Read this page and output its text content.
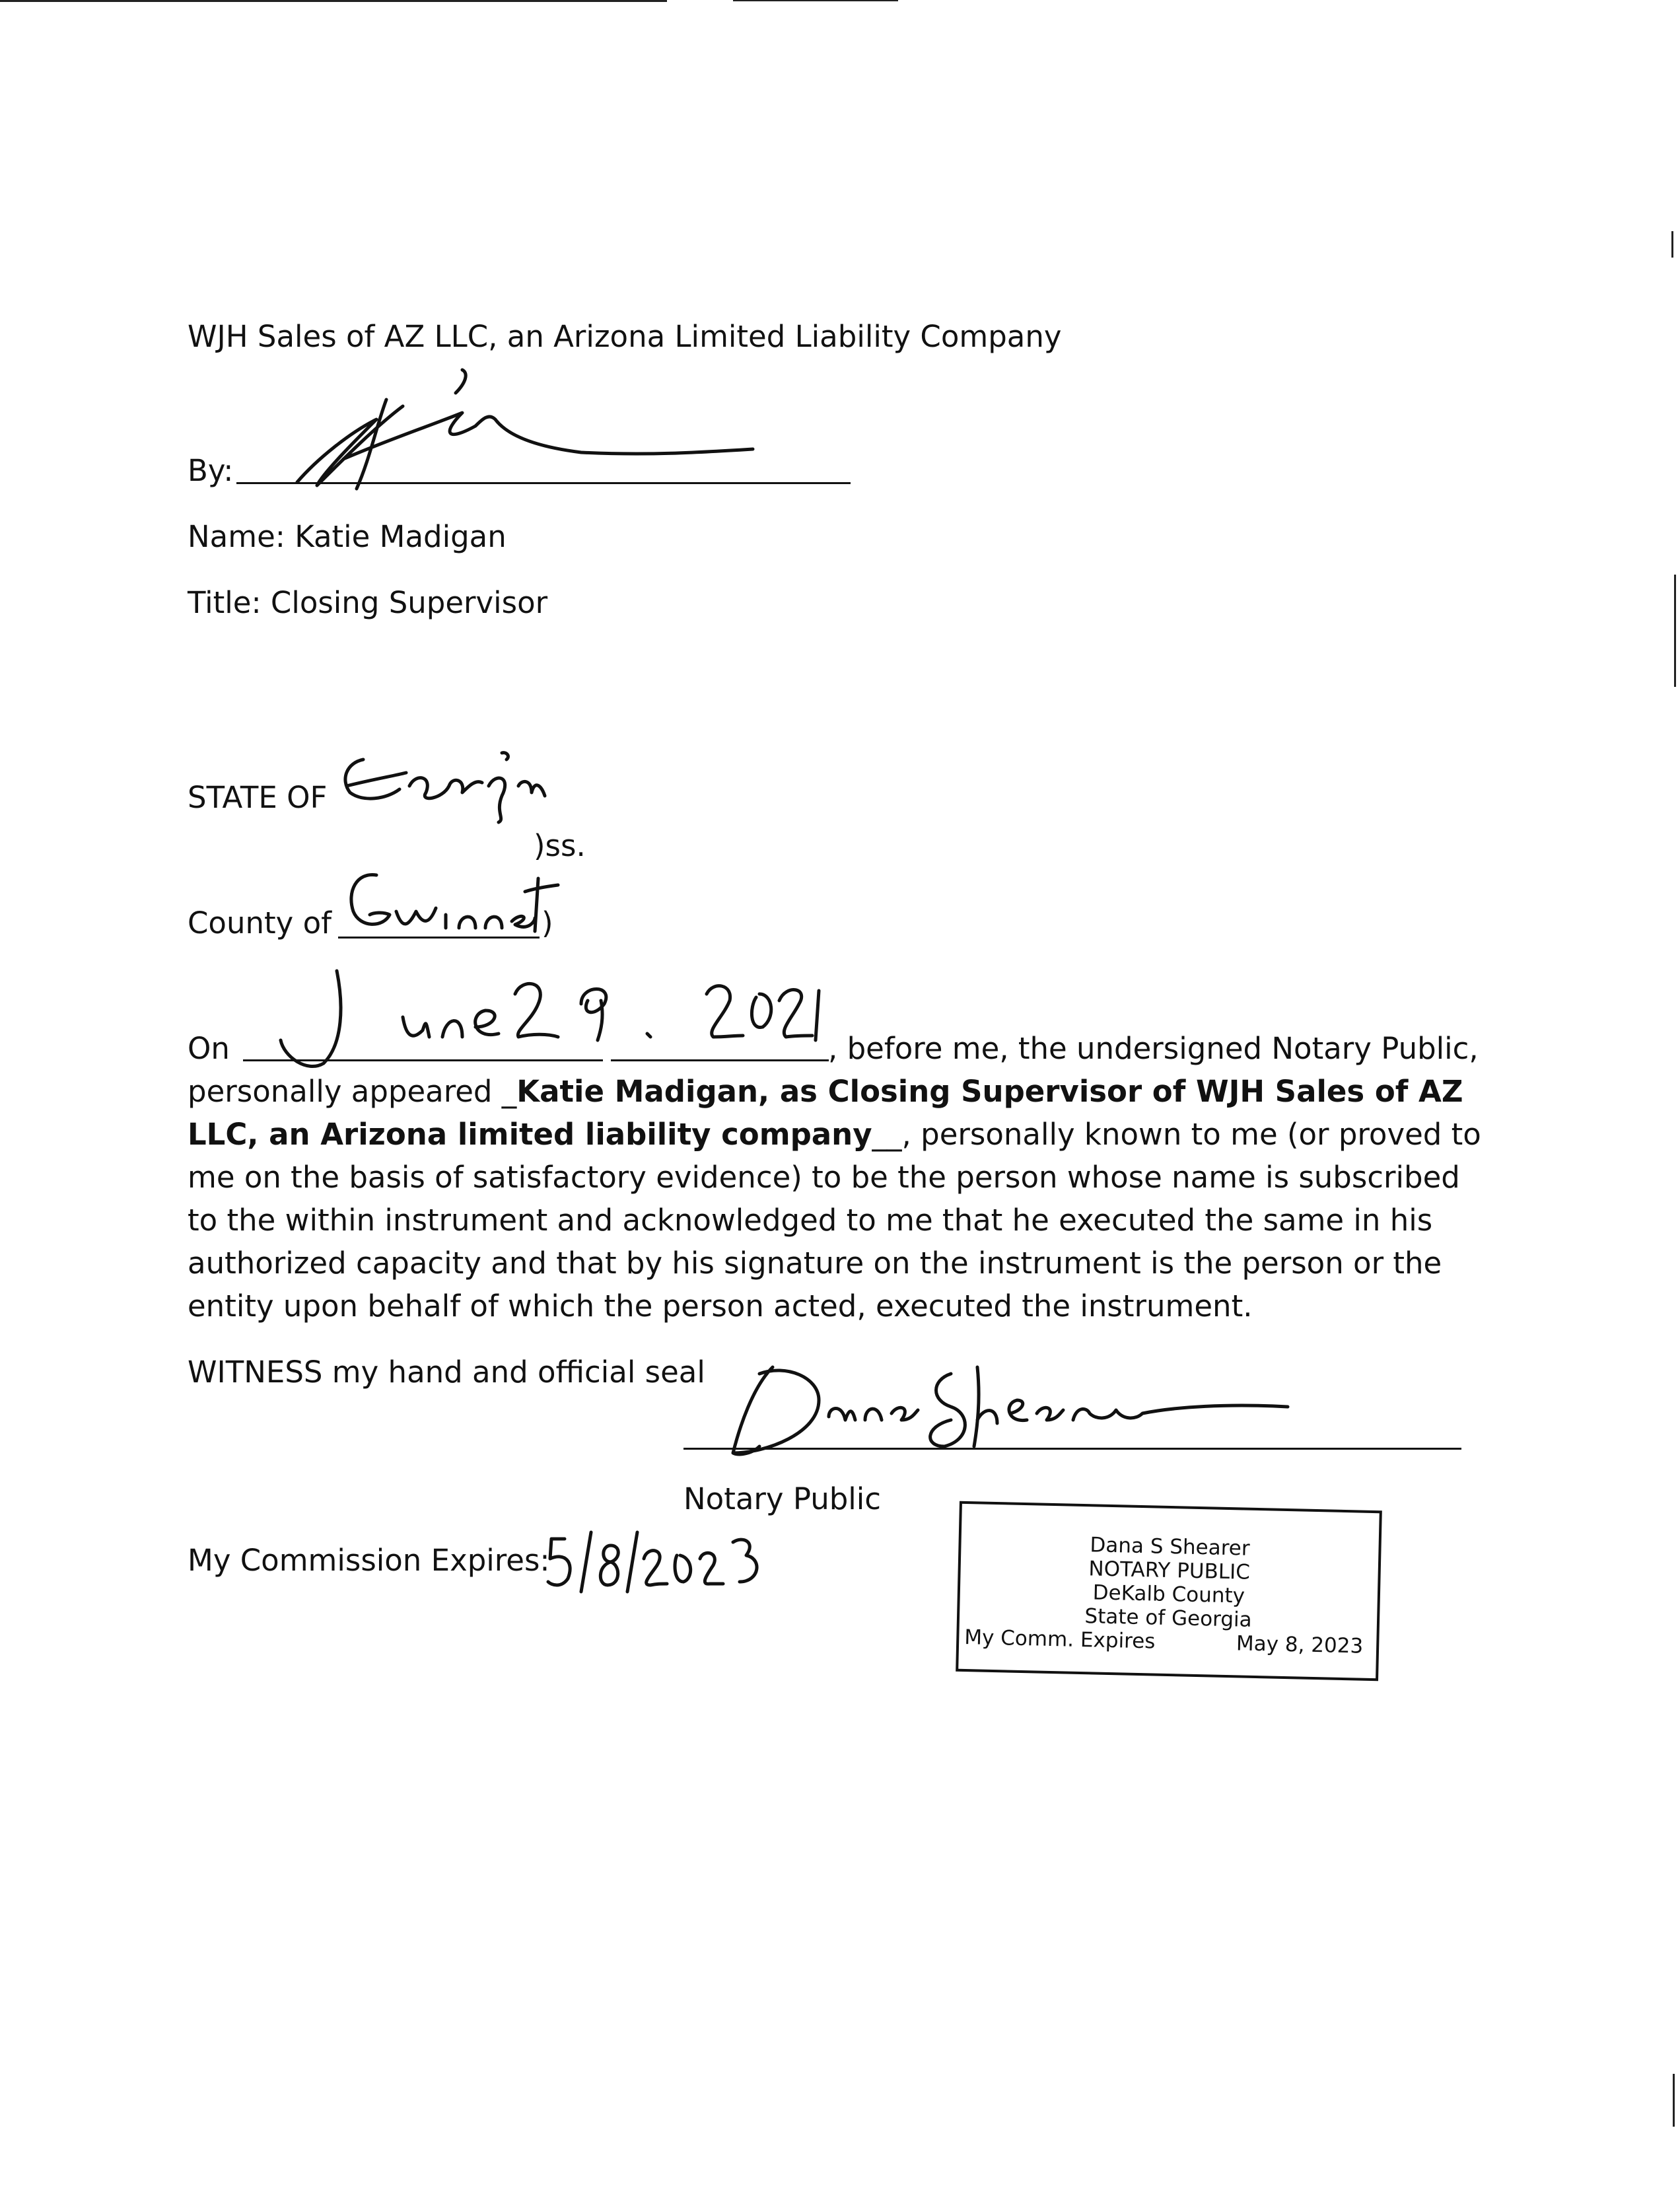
WJH Sales of AZ LLC, an Arizona Limited Liability Company
By:
Name: Katie Madigan
Title: Closing Supervisor
STATE OF
)ss.
County of	)
On	, before me, the undersigned Notary Public,
personally appeared _Katie Madigan, as Closing Supervisor of WJH Sales of AZ LLC, an Arizona limited liability company__, personally known to me (or proved to me on the basis of satisfactory evidence) to be the person whose name is subscribed to the within instrument and acknowledged to me that he executed the same in his authorized capacity and that by his signature on the instrument is the person or the entity upon behalf of which the person acted, executed the instrument.
WITNESS my hand and official seal
Notary Public
My Commission Expires:	Dana S Shearer
NOTARY PUBLIC
DeKalb County
State of Georgia
My Comm. Expires	May 8, 2023
